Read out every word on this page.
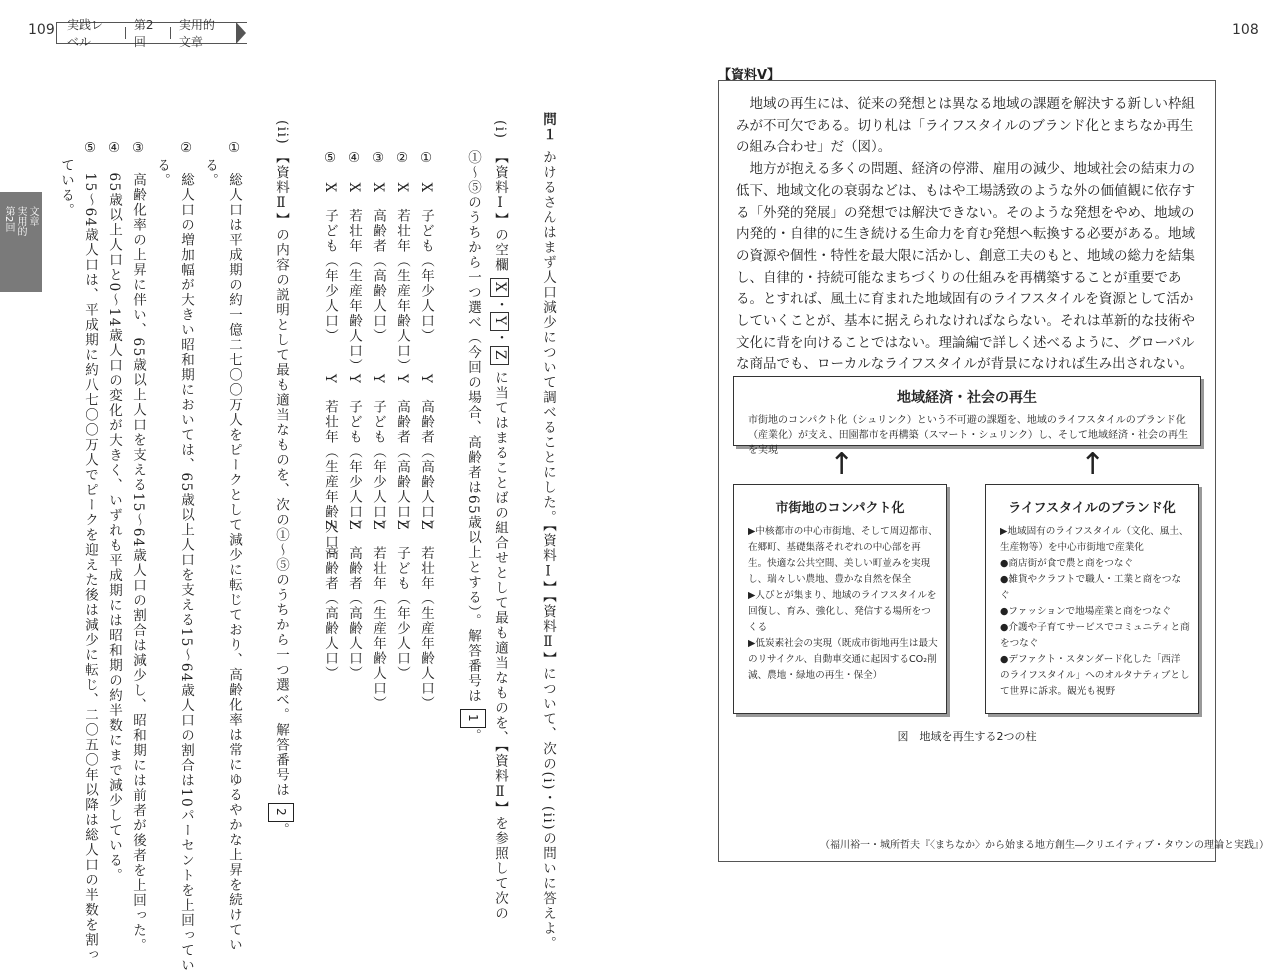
109 実践レベル
第2回
実用的文章
第2回 実用的 文章
問１
かけるさんはまず人口減少について調べることにした。【資料Ⅰ】【資料Ⅱ】について、次の(i)・(ii)の問いに答えよ。
(i)
【資料Ⅰ】の空欄 X・Y・Z に当てはまることばの組合せとして最も適当なものを、【資料Ⅱ】を参照して次の
①〜⑤のうちから一つ選べ（今回の場合、高齢者は65歳以上とする）。解答番号は 1。
①　X　子ども（年少人口）
Y　高齢者（高齢人口）
Z　若壮年（生産年齢人口）
②　X　若壮年（生産年齢人口）
Y　高齢者（高齢人口）
Z　子ども（年少人口）
③　X　高齢者（高齢人口）
Y　子ども（年少人口）
Z　若壮年（生産年齢人口）
④　X　若壮年（生産年齢人口）
Y　子ども（年少人口）
Z　高齢者（高齢人口）
⑤　X　子ども（年少人口）
Y　若壮年（生産年齢人口）
Z　高齢者（高齢人口）
(ii)
【資料Ⅱ】の内容の説明として最も適当なものを、次の①〜⑤のうちから一つ選べ。解答番号は 2。
①　総人口は平成期の約一億二七〇〇万人をピークとして減少に転じており、高齢化率は常にゆるやかな上昇を続けてい
る。
②　総人口の増加幅が大きい昭和期においては、65歳以上人口を支える15〜64歳人口の割合は10パーセントを上回ってい
る。
③　高齢化率の上昇に伴い、65歳以上人口を支える15〜64歳人口の割合は減少し、昭和期には前者が後者を上回った。
④　65歳以上人口と0〜14歳人口の変化が大きく、いずれも平成期には昭和期の約半数にまで減少している。
⑤　15〜64歳人口は、平成期に約八七〇〇万人でピークを迎えた後は減少に転じ、二〇五〇年以降は総人口の半数を割っ
ている。
108
【資料Ⅴ】

地域の再生には、従来の発想とは異なる地域の課題を解決する新しい枠組みが不可欠である。切り札は「ライフスタイルのブランド化とまちなか再生の組み合わせ」だ（図）。

地方が抱える多くの問題、経済の停滞、雇用の減少、地域社会の結束力の低下、地域文化の衰弱などは、もはや工場誘致のような外の価値観に依存する「外発的発展」の発想では解決できない。そのような発想をやめ、地域の内発的・自律的に生き続ける生命力を育む発想へ転換する必要がある。地域の資源や個性・特性を最大限に活かし、創意工夫のもと、地域の総力を結集し、自律的・持続可能なまちづくりの仕組みを再構築することが重要である。とすれば、風土に育まれた地域固有のライフスタイルを資源として活かしていくことが、基本に据えられなければならない。それは革新的な技術や文化に背を向けることではない。理論編で詳しく述べるように、グローバルな商品でも、ローカルなライフスタイルが背景になければ生み出されない。

地域経済・社会の再生
市街地のコンパクト化（シュリンク）という不可避の課題を、地域のライフスタイルのブランド化（産業化）が支え、田園都市を再構築（スマート・シュリンク）し、そして地域経済・社会の再生を実現	↑	↑
市街地のコンパクト化
▶中核都市の中心市街地、そして周辺都市、在郷町、基礎集落それぞれの中心部を再生。快適な公共空間、美しい町並みを実現し、瑞々しい農地、豊かな自然を保全
▶人びとが集まり、地域のライフスタイルを回復し、育み、強化し、発信する場所をつくる
▶低炭素社会の実現（既成市街地再生は最大のリサイクル、自動車交通に起因するCO₂削減、農地・緑地の再生・保全）
ライフスタイルのブランド化
▶地域固有のライフスタイル（文化、風土、生産物等）を中心市街地で産業化
●商店街が食で農と商をつなぐ
●雑貨やクラフトで職人・工業と商をつなぐ
●ファッションで地場産業と商をつなぐ
●介護や子育てサービスでコミュニティと商をつなぐ
●デファクト・スタンダード化した「西洋のライフスタイル」へのオルタナティブとして世界に訴求。観光も視野
図　地域を再生する2つの柱
（福川裕一・城所哲夫『〈まちなか〉から始まる地方創生―クリエイティブ・タウンの理論と実践』）
